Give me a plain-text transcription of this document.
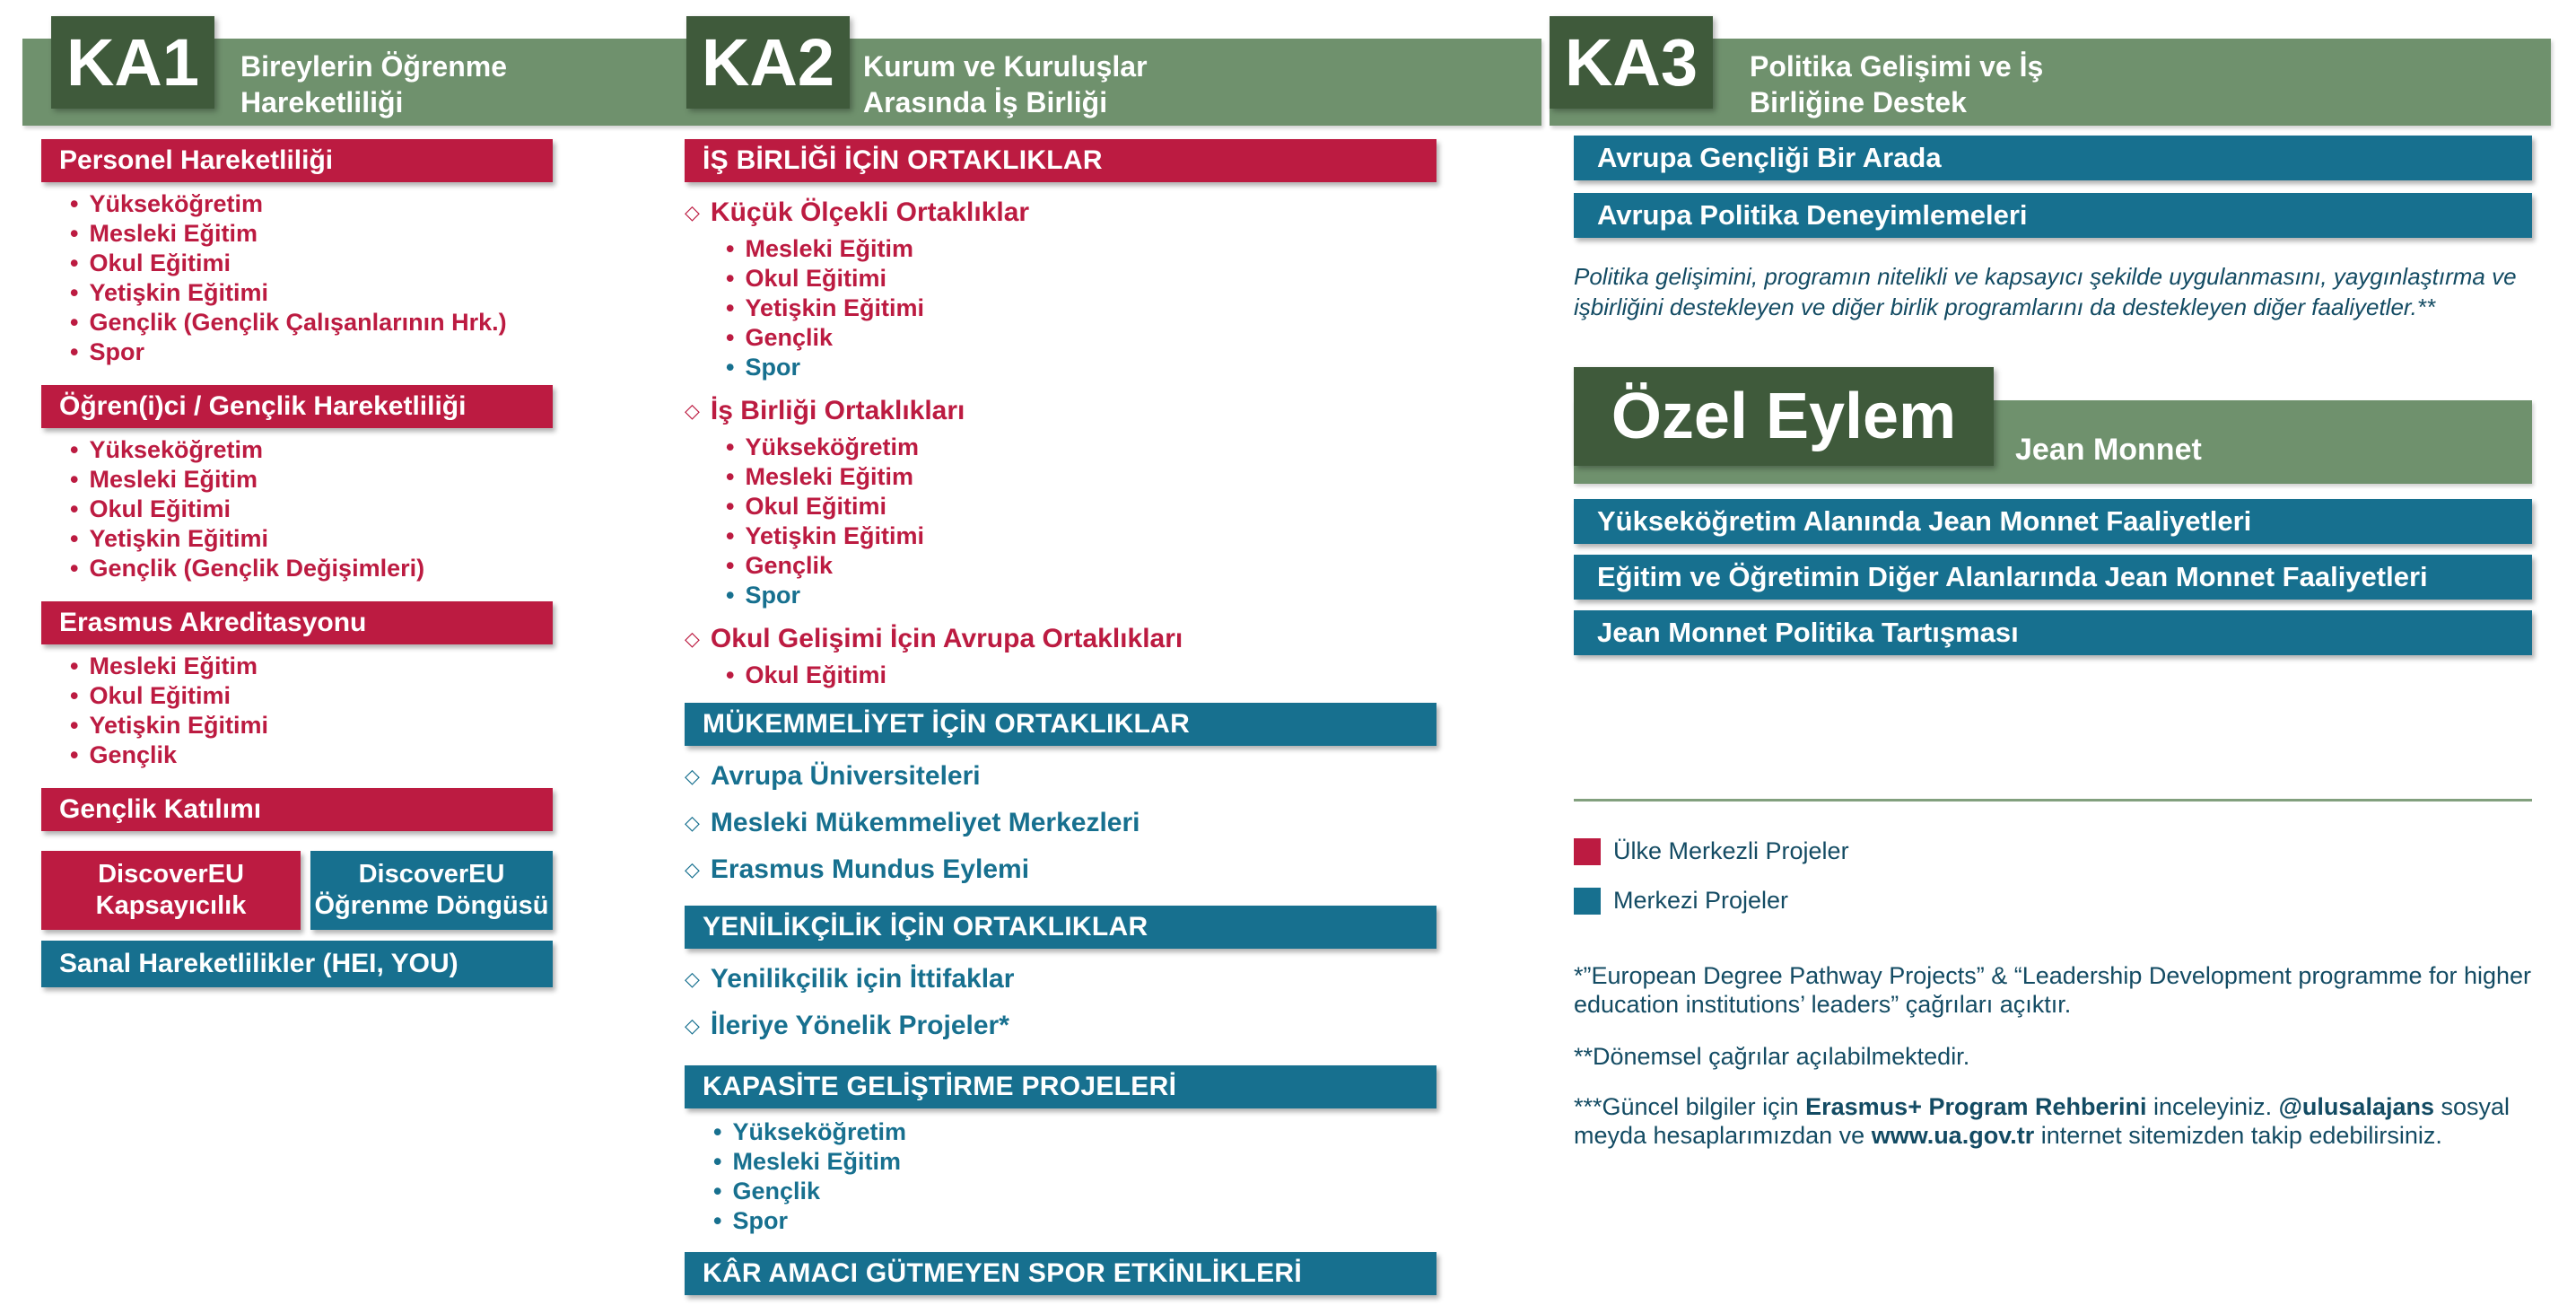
KA1 Bireylerin Öğrenme Hareketliliği
KA2 Kurum ve Kuruluşlar Arasında İş Birliği
KA3 Politika Gelişimi ve İş Birliğine Destek
Personel Hareketliliği
• Yükseköğretim
• Mesleki Eğitim
• Okul Eğitimi
• Yetişkin Eğitimi
• Gençlik (Gençlik Çalışanlarının Hrk.)
• Spor
Öğren(i)ci / Gençlik Hareketliliği
• Yükseköğretim
• Mesleki Eğitim
• Okul Eğitimi
• Yetişkin Eğitimi
• Gençlik (Gençlik Değişimleri)
Erasmus Akreditasyonu
• Mesleki Eğitim
• Okul Eğitimi
• Yetişkin Eğitimi
• Gençlik
Gençlik Katılımı
DiscoverEU
Kapsayıcılık
DiscoverEU
Öğrenme Döngüsü
Sanal Hareketlilikler (HEI, YOU)
İŞ BİRLİĞİ İÇİN ORTAKLIKLAR
◇ Küçük Ölçekli Ortaklıklar
• Mesleki Eğitim
• Okul Eğitimi
• Yetişkin Eğitimi
• Gençlik
• Spor
◇ İş Birliği Ortaklıkları
• Yükseköğretim
• Mesleki Eğitim
• Okul Eğitimi
• Yetişkin Eğitimi
• Gençlik
• Spor
◇ Okul Gelişimi İçin Avrupa Ortaklıkları
• Okul Eğitimi
MÜKEMMELİYET İÇİN ORTAKLIKLAR
◇ Avrupa Üniversiteleri
◇ Mesleki Mükemmeliyet Merkezleri
◇ Erasmus Mundus Eylemi
YENİLİKÇİLİK İÇİN ORTAKLIKLAR
◇ Yenilikçilik için İttifaklar
◇ İleriye Yönelik Projeler*
KAPASİTE GELİŞTİRME PROJELERİ
• Yükseköğretim
• Mesleki Eğitim
• Gençlik
• Spor
KÂR AMACI GÜTMEYEN SPOR ETKİNLİKLERİ
Avrupa Gençliği Bir Arada
Avrupa Politika Deneyimlemeleri

Politika gelişimini, programın nitelikli ve kapsayıcı şekilde uygulanmasını, yaygınlaştırma ve işbirliğini destekleyen ve diğer birlik programlarını da destekleyen diğer faaliyetler.**

Özel Eylem Jean Monnet
Yükseköğretim Alanında Jean Monnet Faaliyetleri
Eğitim ve Öğretimin Diğer Alanlarında Jean Monnet Faaliyetleri
Jean Monnet Politika Tartışması
Ülke Merkezli Projeler
Merkezi Projeler

*”European Degree Pathway Projects” & “Leadership Development programme for higher education institutions’ leaders” çağrıları açıktır.

**Dönemsel çağrılar açılabilmektedir.

***Güncel bilgiler için Erasmus+ Program Rehberini inceleyiniz. @ulusalajans sosyal meyda hesaplarımızdan ve www.ua.gov.tr internet sitemizden takip edebilirsiniz.
